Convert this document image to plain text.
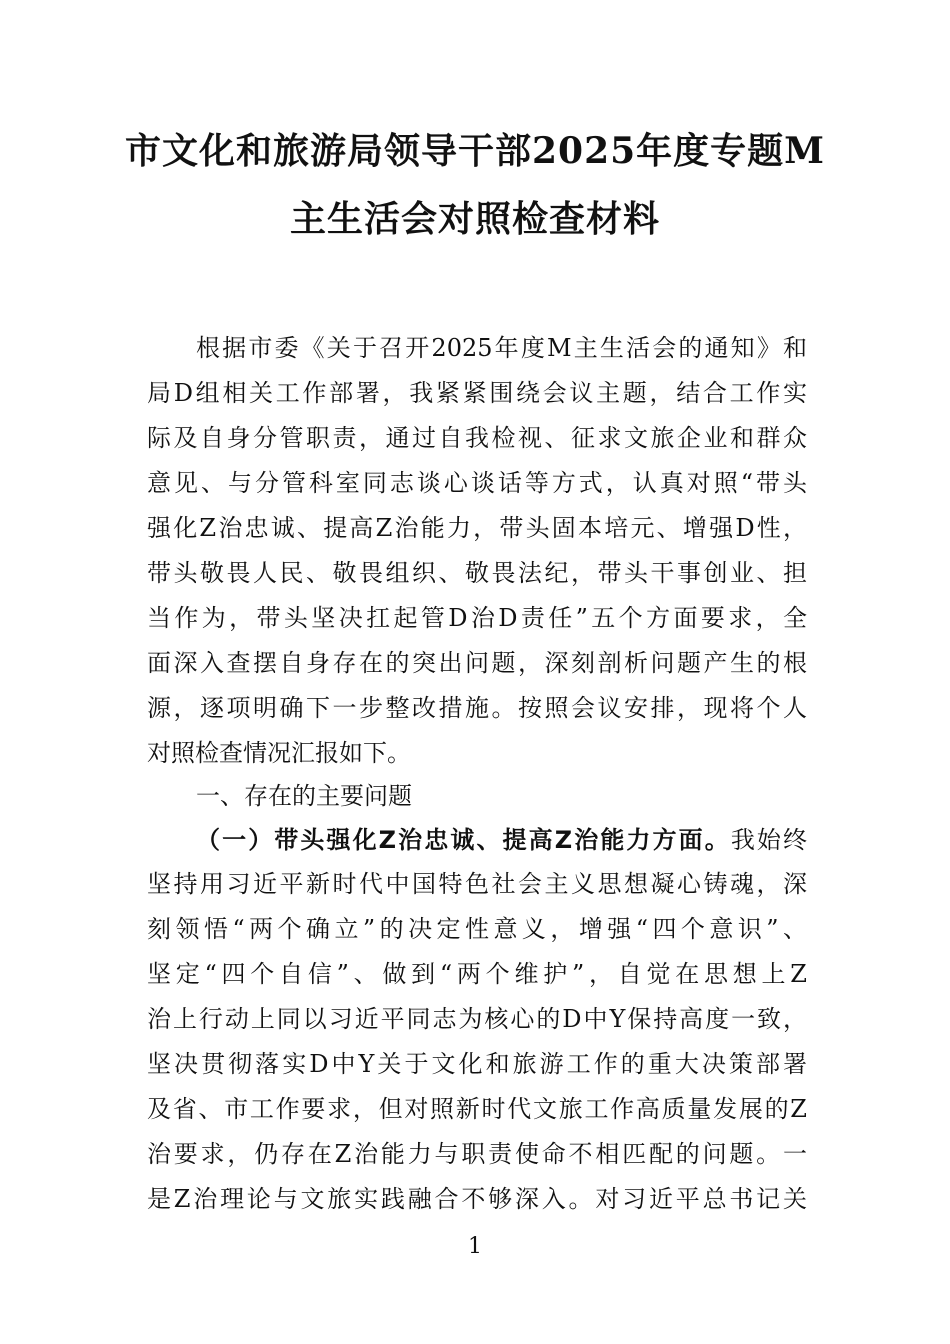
市文化和旅游局领导干部2025年度专题M
主生活会对照检查材料
根据市委《关于召开2025年度M主生活会的通知》和
局D组相关工作部署，我紧紧围绕会议主题，结合工作实
际及自身分管职责，通过自我检视、征求文旅企业和群众
意见、与分管科室同志谈心谈话等方式，认真对照“带头
强化Z治忠诚、提高Z治能力，带头固本培元、增强D性，
带头敬畏人民、敬畏组织、敬畏法纪，带头干事创业、担
当作为，带头坚决扛起管D治D责任”五个方面要求，全
面深入查摆自身存在的突出问题，深刻剖析问题产生的根
源，逐项明确下一步整改措施。按照会议安排，现将个人
对照检查情况汇报如下。
一、存在的主要问题
（一）带头强化Z治忠诚、提高Z治能力方面。我始终
坚持用习近平新时代中国特色社会主义思想凝心铸魂，深
刻领悟“两个确立”的决定性意义，增强“四个意识”、
坚定“四个自信”、做到“两个维护”，自觉在思想上Z
治上行动上同以习近平同志为核心的D中Y保持高度一致，
坚决贯彻落实D中Y关于文化和旅游工作的重大决策部署
及省、市工作要求，但对照新时代文旅工作高质量发展的Z
治要求，仍存在Z治能力与职责使命不相匹配的问题。一
是Z治理论与文旅实践融合不够深入。对习近平总书记关
1
